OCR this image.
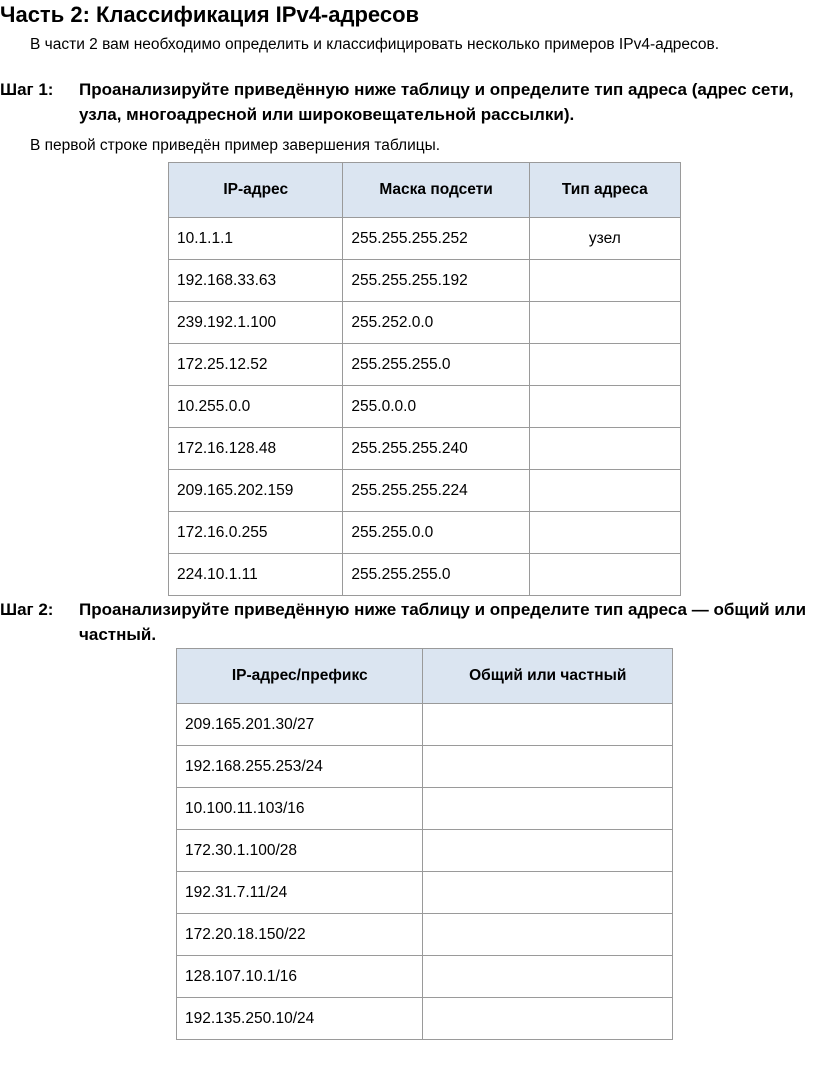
Часть 2: Классификация IPv4-адресов
В части 2 вам необходимо определить и классифицировать несколько примеров IPv4-адресов.
Шаг 1: Проанализируйте приведённую ниже таблицу и определите тип адреса (адрес сети, узла, многоадресной или широковещательной рассылки).
В первой строке приведён пример завершения таблицы.
IP-адрес	Маска подсети	Тип адреса
10.1.1.1	255.255.255.252	узел
192.168.33.63	255.255.255.192	
239.192.1.100	255.252.0.0	
172.25.12.52	255.255.255.0	
10.255.0.0	255.0.0.0	
172.16.128.48	255.255.255.240	
209.165.202.159	255.255.255.224	
172.16.0.255	255.255.0.0	
224.10.1.11	255.255.255.0	
Шаг 2: Проанализируйте приведённую ниже таблицу и определите тип адреса — общий или частный.
IP-адрес/префикс	Общий или частный
209.165.201.30/27	
192.168.255.253/24	
10.100.11.103/16	
172.30.1.100/28	
192.31.7.11/24	
172.20.18.150/22	
128.107.10.1/16	
192.135.250.10/24	
